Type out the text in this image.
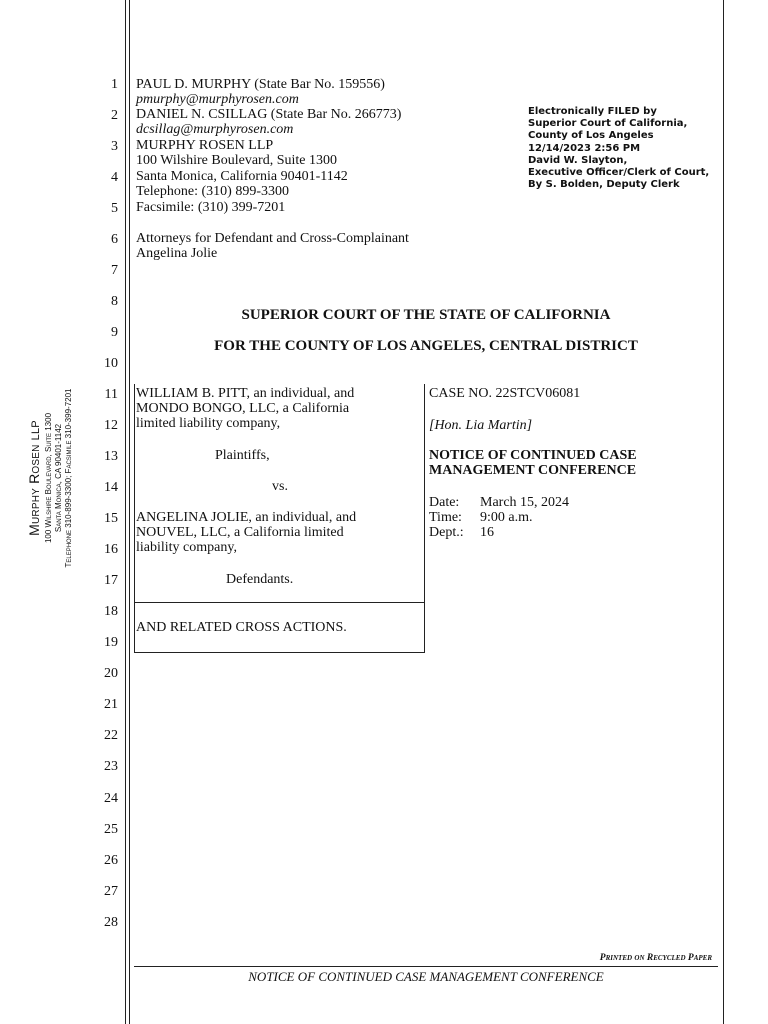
1
2
3
4
5
6
7
8
9
10
11
12
13
14
15
16
17
18
19
20
21
22
23
24
25
26
27
28
PAUL D. MURPHY (State Bar No. 159556)
pmurphy@murphyrosen.com
DANIEL N. CSILLAG (State Bar No. 266773)
dcsillag@murphyrosen.com
MURPHY ROSEN LLP
100 Wilshire Boulevard, Suite 1300
Santa Monica, California 90401-1142
Telephone: (310) 899-3300
Facsimile: (310) 399-7201
Attorneys for Defendant and Cross-Complainant
Angelina Jolie
Electronically FILED by
Superior Court of California,
County of Los Angeles
12/14/2023 2:56 PM
David W. Slayton,
Executive Officer/Clerk of Court,
By S. Bolden, Deputy Clerk
SUPERIOR COURT OF THE STATE OF CALIFORNIA
FOR THE COUNTY OF LOS ANGELES, CENTRAL DISTRICT
WILLIAM B. PITT, an individual, and
MONDO BONGO, LLC, a California
limited liability company,
Plaintiffs,
vs.
ANGELINA JOLIE, an individual, and
NOUVEL, LLC, a California limited
liability company,
Defendants.
AND RELATED CROSS ACTIONS.
CASE NO. 22STCV06081
[Hon. Lia Martin]
NOTICE OF CONTINUED CASE
MANAGEMENT CONFERENCE
Date: March 15, 2024
Time: 9:00 a.m.
Dept.: 16
Murphy Rosen LLP 100 Wilshire Boulevard, Suite 1300 Santa Monica, CA 90401-1142 Telephone 310-899-3300; Facsimile 310-399-7201
Printed on Recycled Paper
NOTICE OF CONTINUED CASE MANAGEMENT CONFERENCE
